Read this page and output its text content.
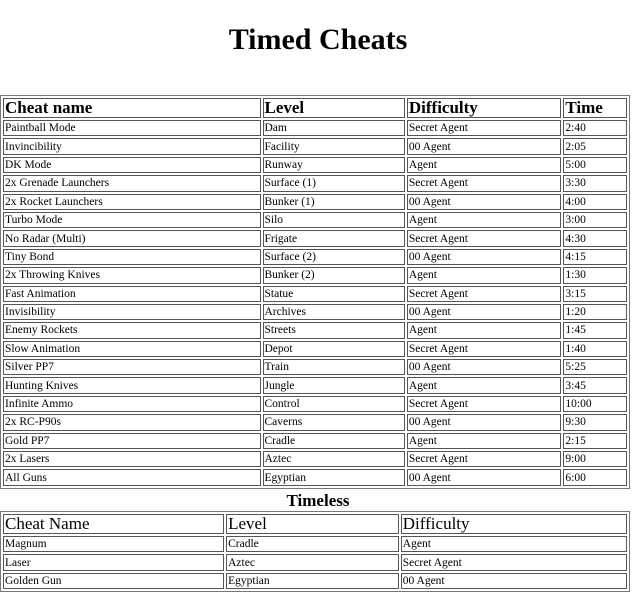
Timed Cheats
Cheat name	Level	Difficulty	Time
Paintball Mode	Dam	Secret Agent	2:40
Invincibility	Facility	00 Agent	2:05
DK Mode	Runway	Agent	5:00
2x Grenade Launchers	Surface (1)	Secret Agent	3:30
2x Rocket Launchers	Bunker (1)	00 Agent	4:00
Turbo Mode	Silo	Agent	3:00
No Radar (Multi)	Frigate	Secret Agent	4:30
Tiny Bond	Surface (2)	00 Agent	4:15
2x Throwing Knives	Bunker (2)	Agent	1:30
Fast Animation	Statue	Secret Agent	3:15
Invisibility	Archives	00 Agent	1:20
Enemy Rockets	Streets	Agent	1:45
Slow Animation	Depot	Secret Agent	1:40
Silver PP7	Train	00 Agent	5:25
Hunting Knives	Jungle	Agent	3:45
Infinite Ammo	Control	Secret Agent	10:00
2x RC-P90s	Caverns	00 Agent	9:30
Gold PP7	Cradle	Agent	2:15
2x Lasers	Aztec	Secret Agent	9:00
All Guns	Egyptian	00 Agent	6:00
Timeless
Cheat Name	Level	Difficulty
Magnum	Cradle	Agent
Laser	Aztec	Secret Agent
Golden Gun	Egyptian	00 Agent
